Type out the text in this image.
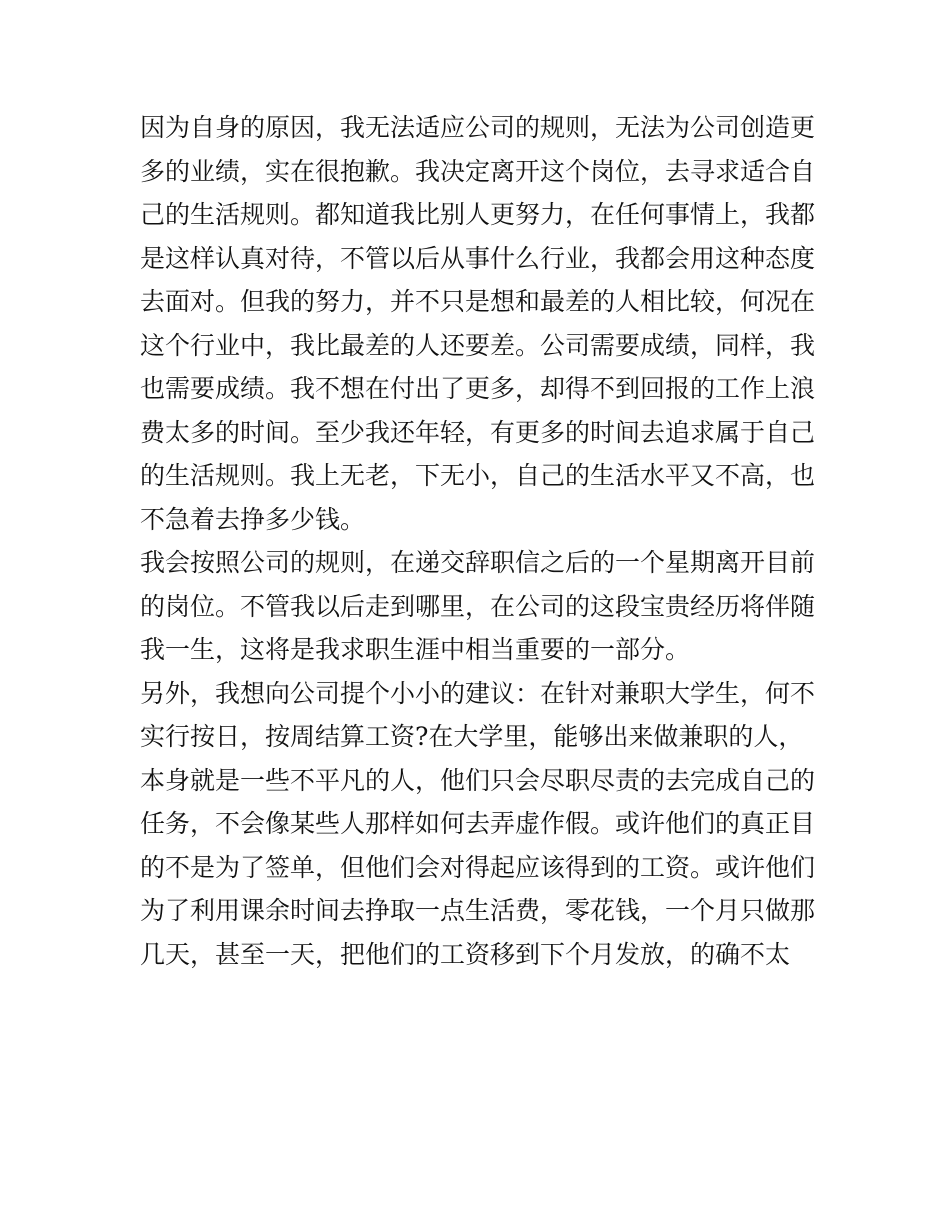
因为自身的原因，我无法适应公司的规则，无法为公司创造更
多的业绩，实在很抱歉。我决定离开这个岗位，去寻求适合自
己的生活规则。都知道我比别人更努力，在任何事情上，我都
是这样认真对待，不管以后从事什么行业，我都会用这种态度
去面对。但我的努力，并不只是想和最差的人相比较，何况在
这个行业中，我比最差的人还要差。公司需要成绩，同样，我
也需要成绩。我不想在付出了更多，却得不到回报的工作上浪
费太多的时间。至少我还年轻，有更多的时间去追求属于自己
的生活规则。我上无老，下无小，自己的生活水平又不高，也
不急着去挣多少钱。
我会按照公司的规则，在递交辞职信之后的一个星期离开目前
的岗位。不管我以后走到哪里，在公司的这段宝贵经历将伴随
我一生，这将是我求职生涯中相当重要的一部分。
另外，我想向公司提个小小的建议：在针对兼职大学生，何不
实行按日，按周结算工资?在大学里，能够出来做兼职的人，
本身就是一些不平凡的人，他们只会尽职尽责的去完成自己的
任务，不会像某些人那样如何去弄虚作假。或许他们的真正目
的不是为了签单，但他们会对得起应该得到的工资。或许他们
为了利用课余时间去挣取一点生活费，零花钱，一个月只做那
几天，甚至一天，把他们的工资移到下个月发放，的确不太
